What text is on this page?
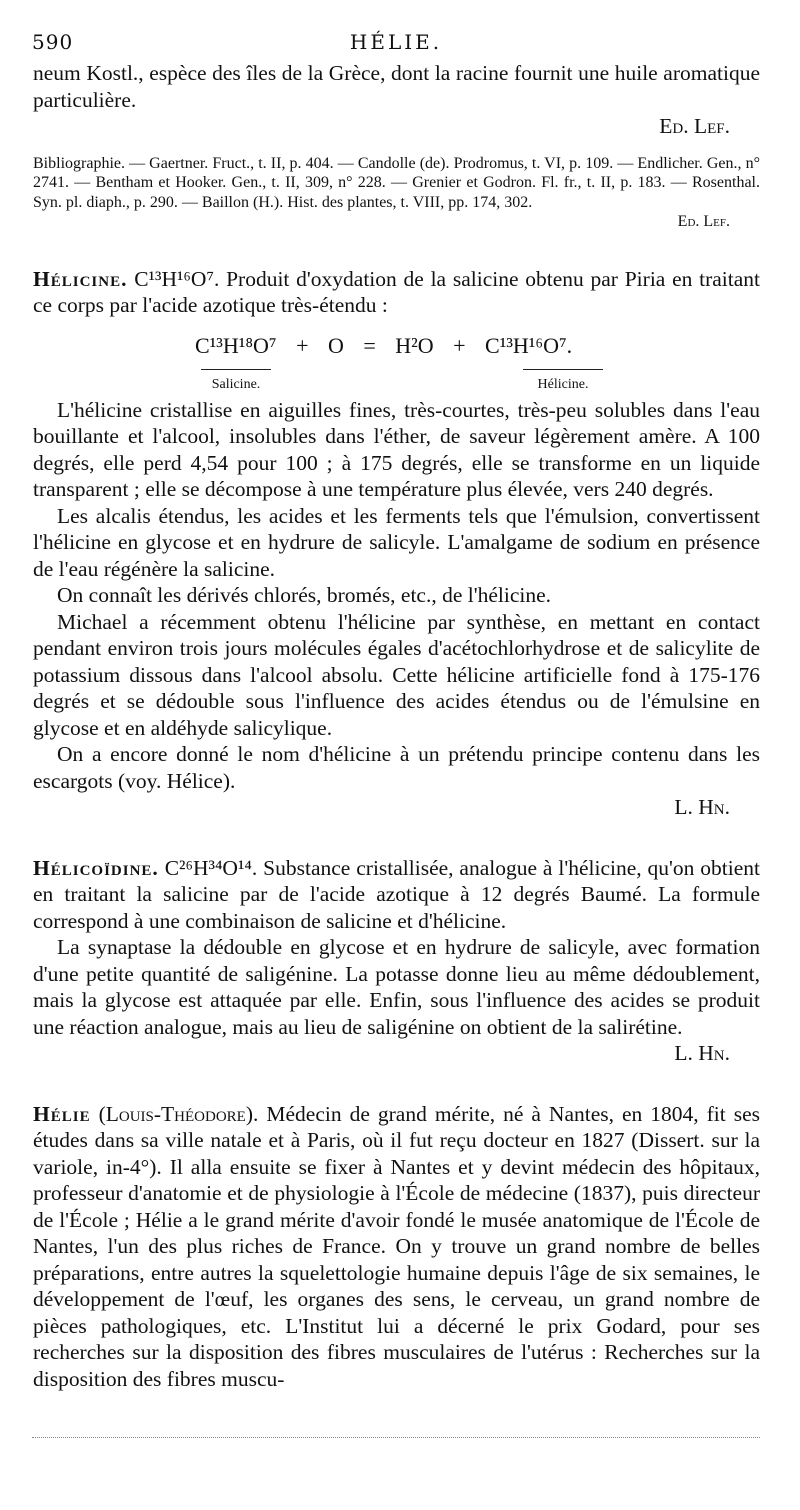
590	HÉLIE.

neum Kostl., espèce des îles de la Grèce, dont la racine fournit une huile aromatique particulière.

Ed. Lef.

Bibliographie. — Gaertner. Fruct., t. II, p. 404. — Candolle (de). Prodromus, t. VI, p. 109. — Endlicher. Gen., n° 2741. — Bentham et Hooker. Gen., t. II, 309, n° 228. — Grenier et Godron. Fl. fr., t. II, p. 183. — Rosenthal. Syn. pl. diaph., p. 290. — Baillon (H.). Hist. des plantes, t. VIII, pp. 174, 302.

Ed. Lef.

Hélicine. C¹³H¹⁶O⁷. Produit d'oxydation de la salicine obtenu par Piria en traitant ce corps par l'acide azotique très-étendu :

C¹³H¹⁸O⁷ + O = H²O + C¹³H¹⁶O⁷.
Salicine.	Hélicine.

L'hélicine cristallise en aiguilles fines, très-courtes, très-peu solubles dans l'eau bouillante et l'alcool, insolubles dans l'éther, de saveur légèrement amère. A 100 degrés, elle perd 4,54 pour 100 ; à 175 degrés, elle se transforme en un liquide transparent ; elle se décompose à une température plus élevée, vers 240 degrés.

Les alcalis étendus, les acides et les ferments tels que l'émulsion, convertissent l'hélicine en glycose et en hydrure de salicyle. L'amalgame de sodium en présence de l'eau régénère la salicine.

On connaît les dérivés chlorés, bromés, etc., de l'hélicine.

Michael a récemment obtenu l'hélicine par synthèse, en mettant en contact pendant environ trois jours molécules égales d'acétochlorhydrose et de salicylite de potassium dissous dans l'alcool absolu. Cette hélicine artificielle fond à 175-176 degrés et se dédouble sous l'influence des acides étendus ou de l'émulsine en glycose et en aldéhyde salicylique.

On a encore donné le nom d'hélicine à un prétendu principe contenu dans les escargots (voy. Hélice).

L. Hn.

Hélicoïdine. C²⁶H³⁴O¹⁴. Substance cristallisée, analogue à l'hélicine, qu'on obtient en traitant la salicine par de l'acide azotique à 12 degrés Baumé. La formule correspond à une combinaison de salicine et d'hélicine.

La synaptase la dédouble en glycose et en hydrure de salicyle, avec formation d'une petite quantité de saligénine. La potasse donne lieu au même dédoublement, mais la glycose est attaquée par elle. Enfin, sous l'influence des acides se produit une réaction analogue, mais au lieu de saligénine on obtient de la salirétine.

L. Hn.

Hélie (Louis-Théodore). Médecin de grand mérite, né à Nantes, en 1804, fit ses études dans sa ville natale et à Paris, où il fut reçu docteur en 1827 (Dissert. sur la variole, in-4°). Il alla ensuite se fixer à Nantes et y devint médecin des hôpitaux, professeur d'anatomie et de physiologie à l'École de médecine (1837), puis directeur de l'École ; Hélie a le grand mérite d'avoir fondé le musée anatomique de l'École de Nantes, l'un des plus riches de France. On y trouve un grand nombre de belles préparations, entre autres la squelettologie humaine depuis l'âge de six semaines, le développement de l'œuf, les organes des sens, le cerveau, un grand nombre de pièces pathologiques, etc. L'Institut lui a décerné le prix Godard, pour ses recherches sur la disposition des fibres musculaires de l'utérus : Recherches sur la disposition des fibres muscu-
